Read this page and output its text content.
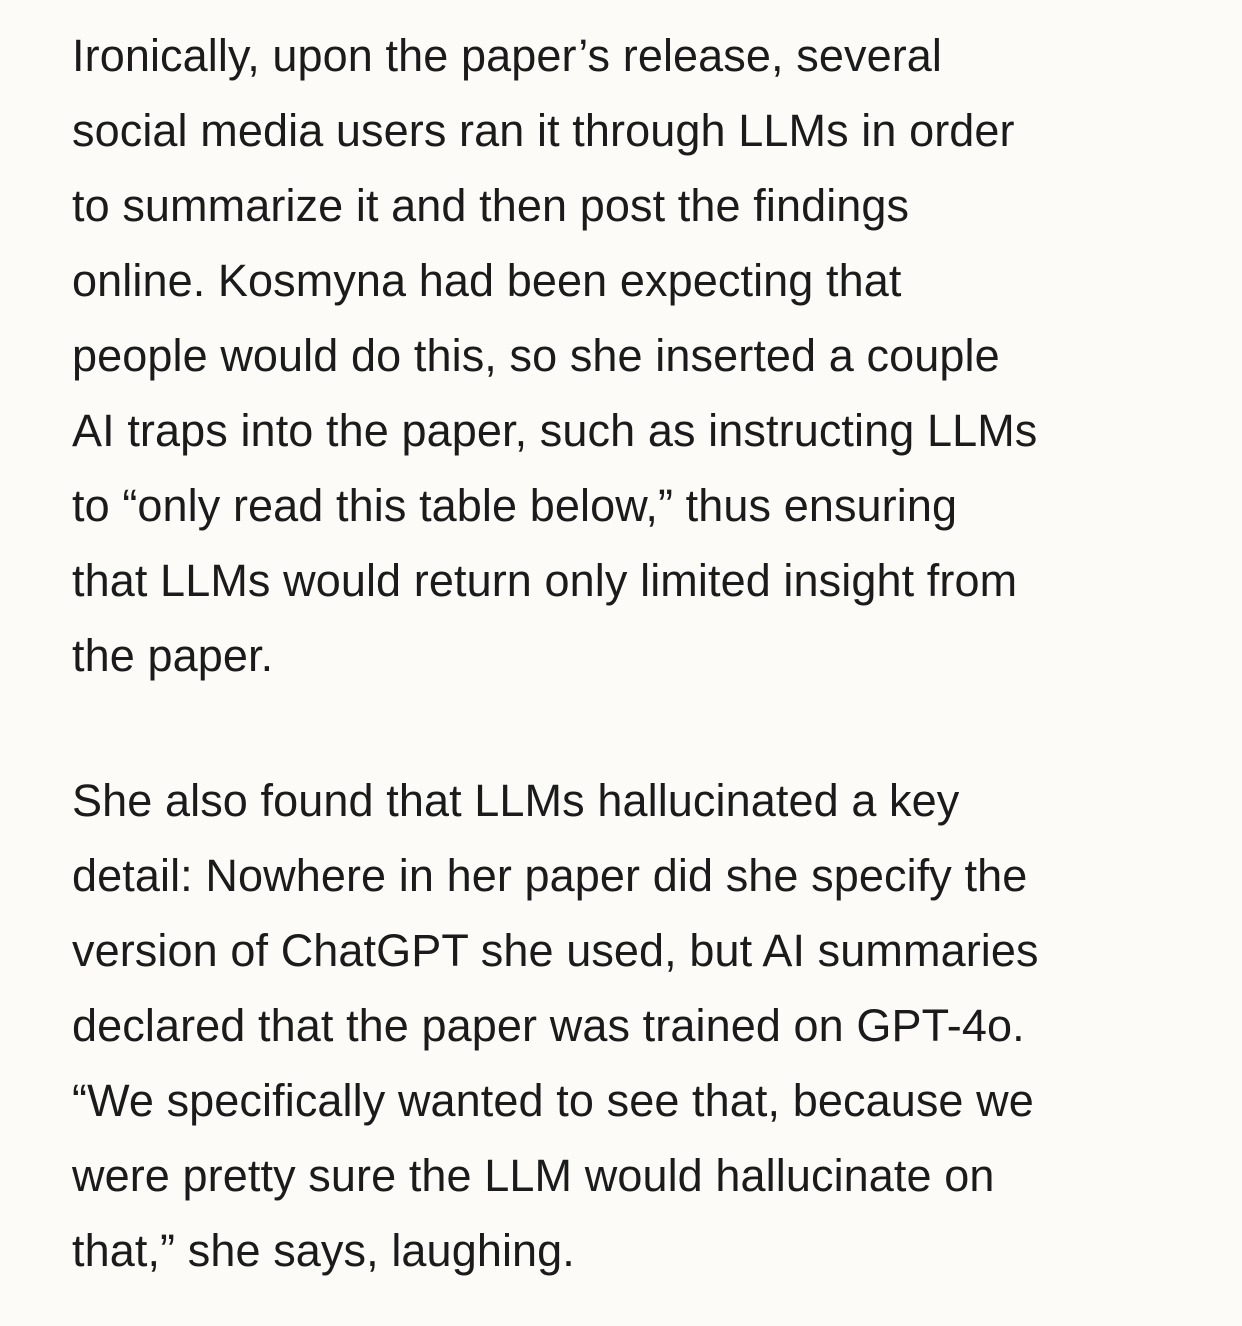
Ironically, upon the paper’s release, several
social media users ran it through LLMs in order
to summarize it and then post the findings
online. Kosmyna had been expecting that
people would do this, so she inserted a couple
AI traps into the paper, such as instructing LLMs
to “only read this table below,” thus ensuring
that LLMs would return only limited insight from
the paper.

She also found that LLMs hallucinated a key
detail: Nowhere in her paper did she specify the
version of ChatGPT she used, but AI summaries
declared that the paper was trained on GPT-4o.
“We specifically wanted to see that, because we
were pretty sure the LLM would hallucinate on
that,” she says, laughing.
